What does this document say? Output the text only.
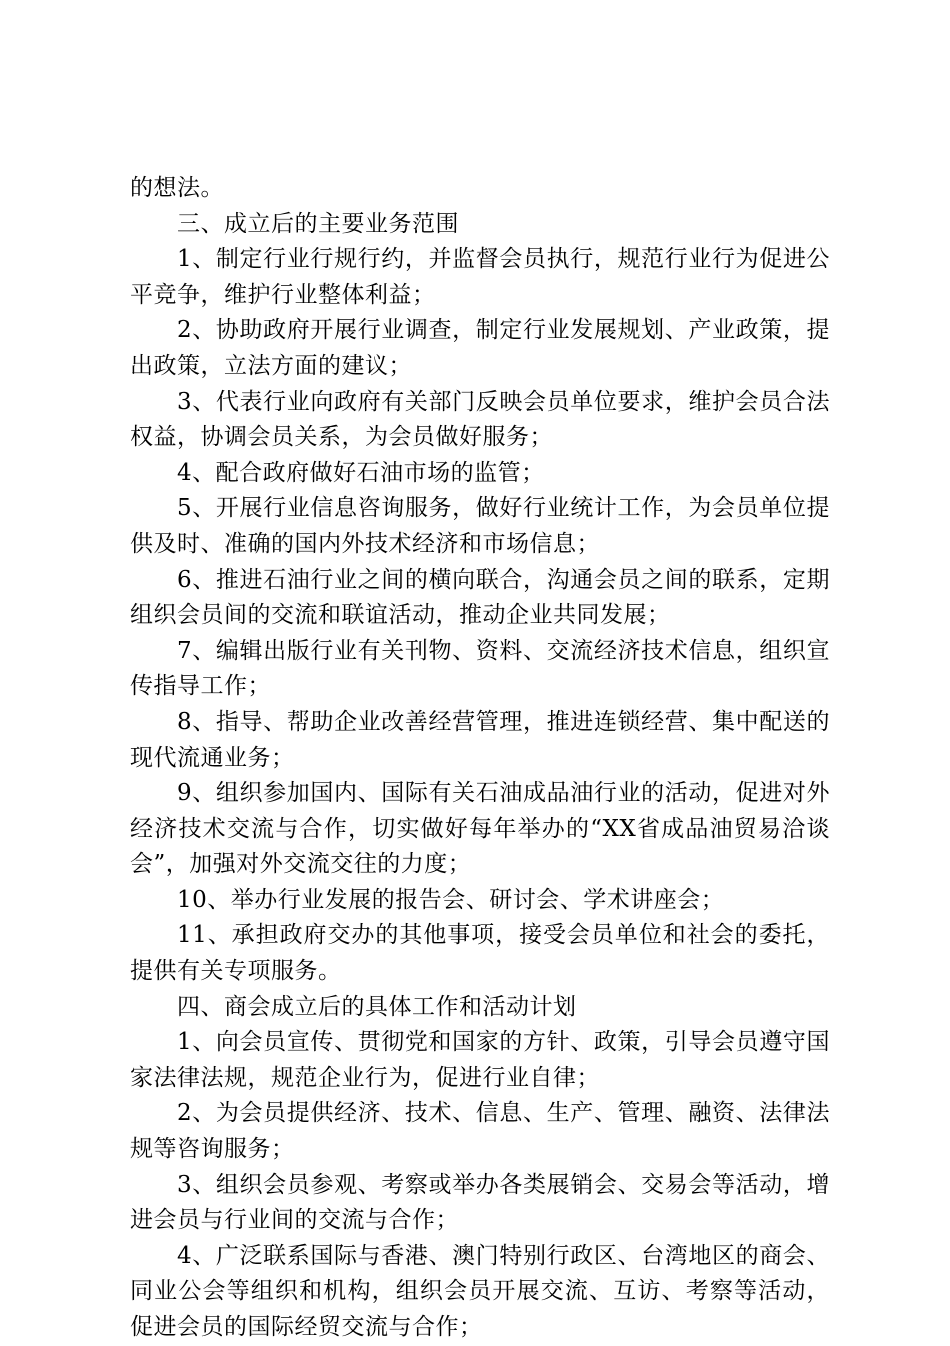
的想法。

三、成立后的主要业务范围

1、制定行业行规行约，并监督会员执行，规范行业行为促进公平竞争，维护行业整体利益；

2、协助政府开展行业调查，制定行业发展规划、产业政策，提出政策，立法方面的建议；

3、代表行业向政府有关部门反映会员单位要求，维护会员合法权益，协调会员关系，为会员做好服务；

4、配合政府做好石油市场的监管；

5、开展行业信息咨询服务，做好行业统计工作，为会员单位提供及时、准确的国内外技术经济和市场信息；

6、推进石油行业之间的横向联合，沟通会员之间的联系，定期组织会员间的交流和联谊活动，推动企业共同发展；

7、编辑出版行业有关刊物、资料、交流经济技术信息，组织宣传指导工作；

8、指导、帮助企业改善经营管理，推进连锁经营、集中配送的现代流通业务；

9、组织参加国内、国际有关石油成品油行业的活动，促进对外经济技术交流与合作，切实做好每年举办的“XX省成品油贸易洽谈会”，加强对外交流交往的力度；

10、举办行业发展的报告会、研讨会、学术讲座会；

11、承担政府交办的其他事项，接受会员单位和社会的委托，提供有关专项服务。

四、商会成立后的具体工作和活动计划

1、向会员宣传、贯彻党和国家的方针、政策，引导会员遵守国家法律法规，规范企业行为，促进行业自律；

2、为会员提供经济、技术、信息、生产、管理、融资、法律法规等咨询服务；

3、组织会员参观、考察或举办各类展销会、交易会等活动，增进会员与行业间的交流与合作；

4、广泛联系国际与香港、澳门特别行政区、台湾地区的商会、同业公会等组织和机构，组织会员开展交流、互访、考察等活动，促进会员的国际经贸交流与合作；
